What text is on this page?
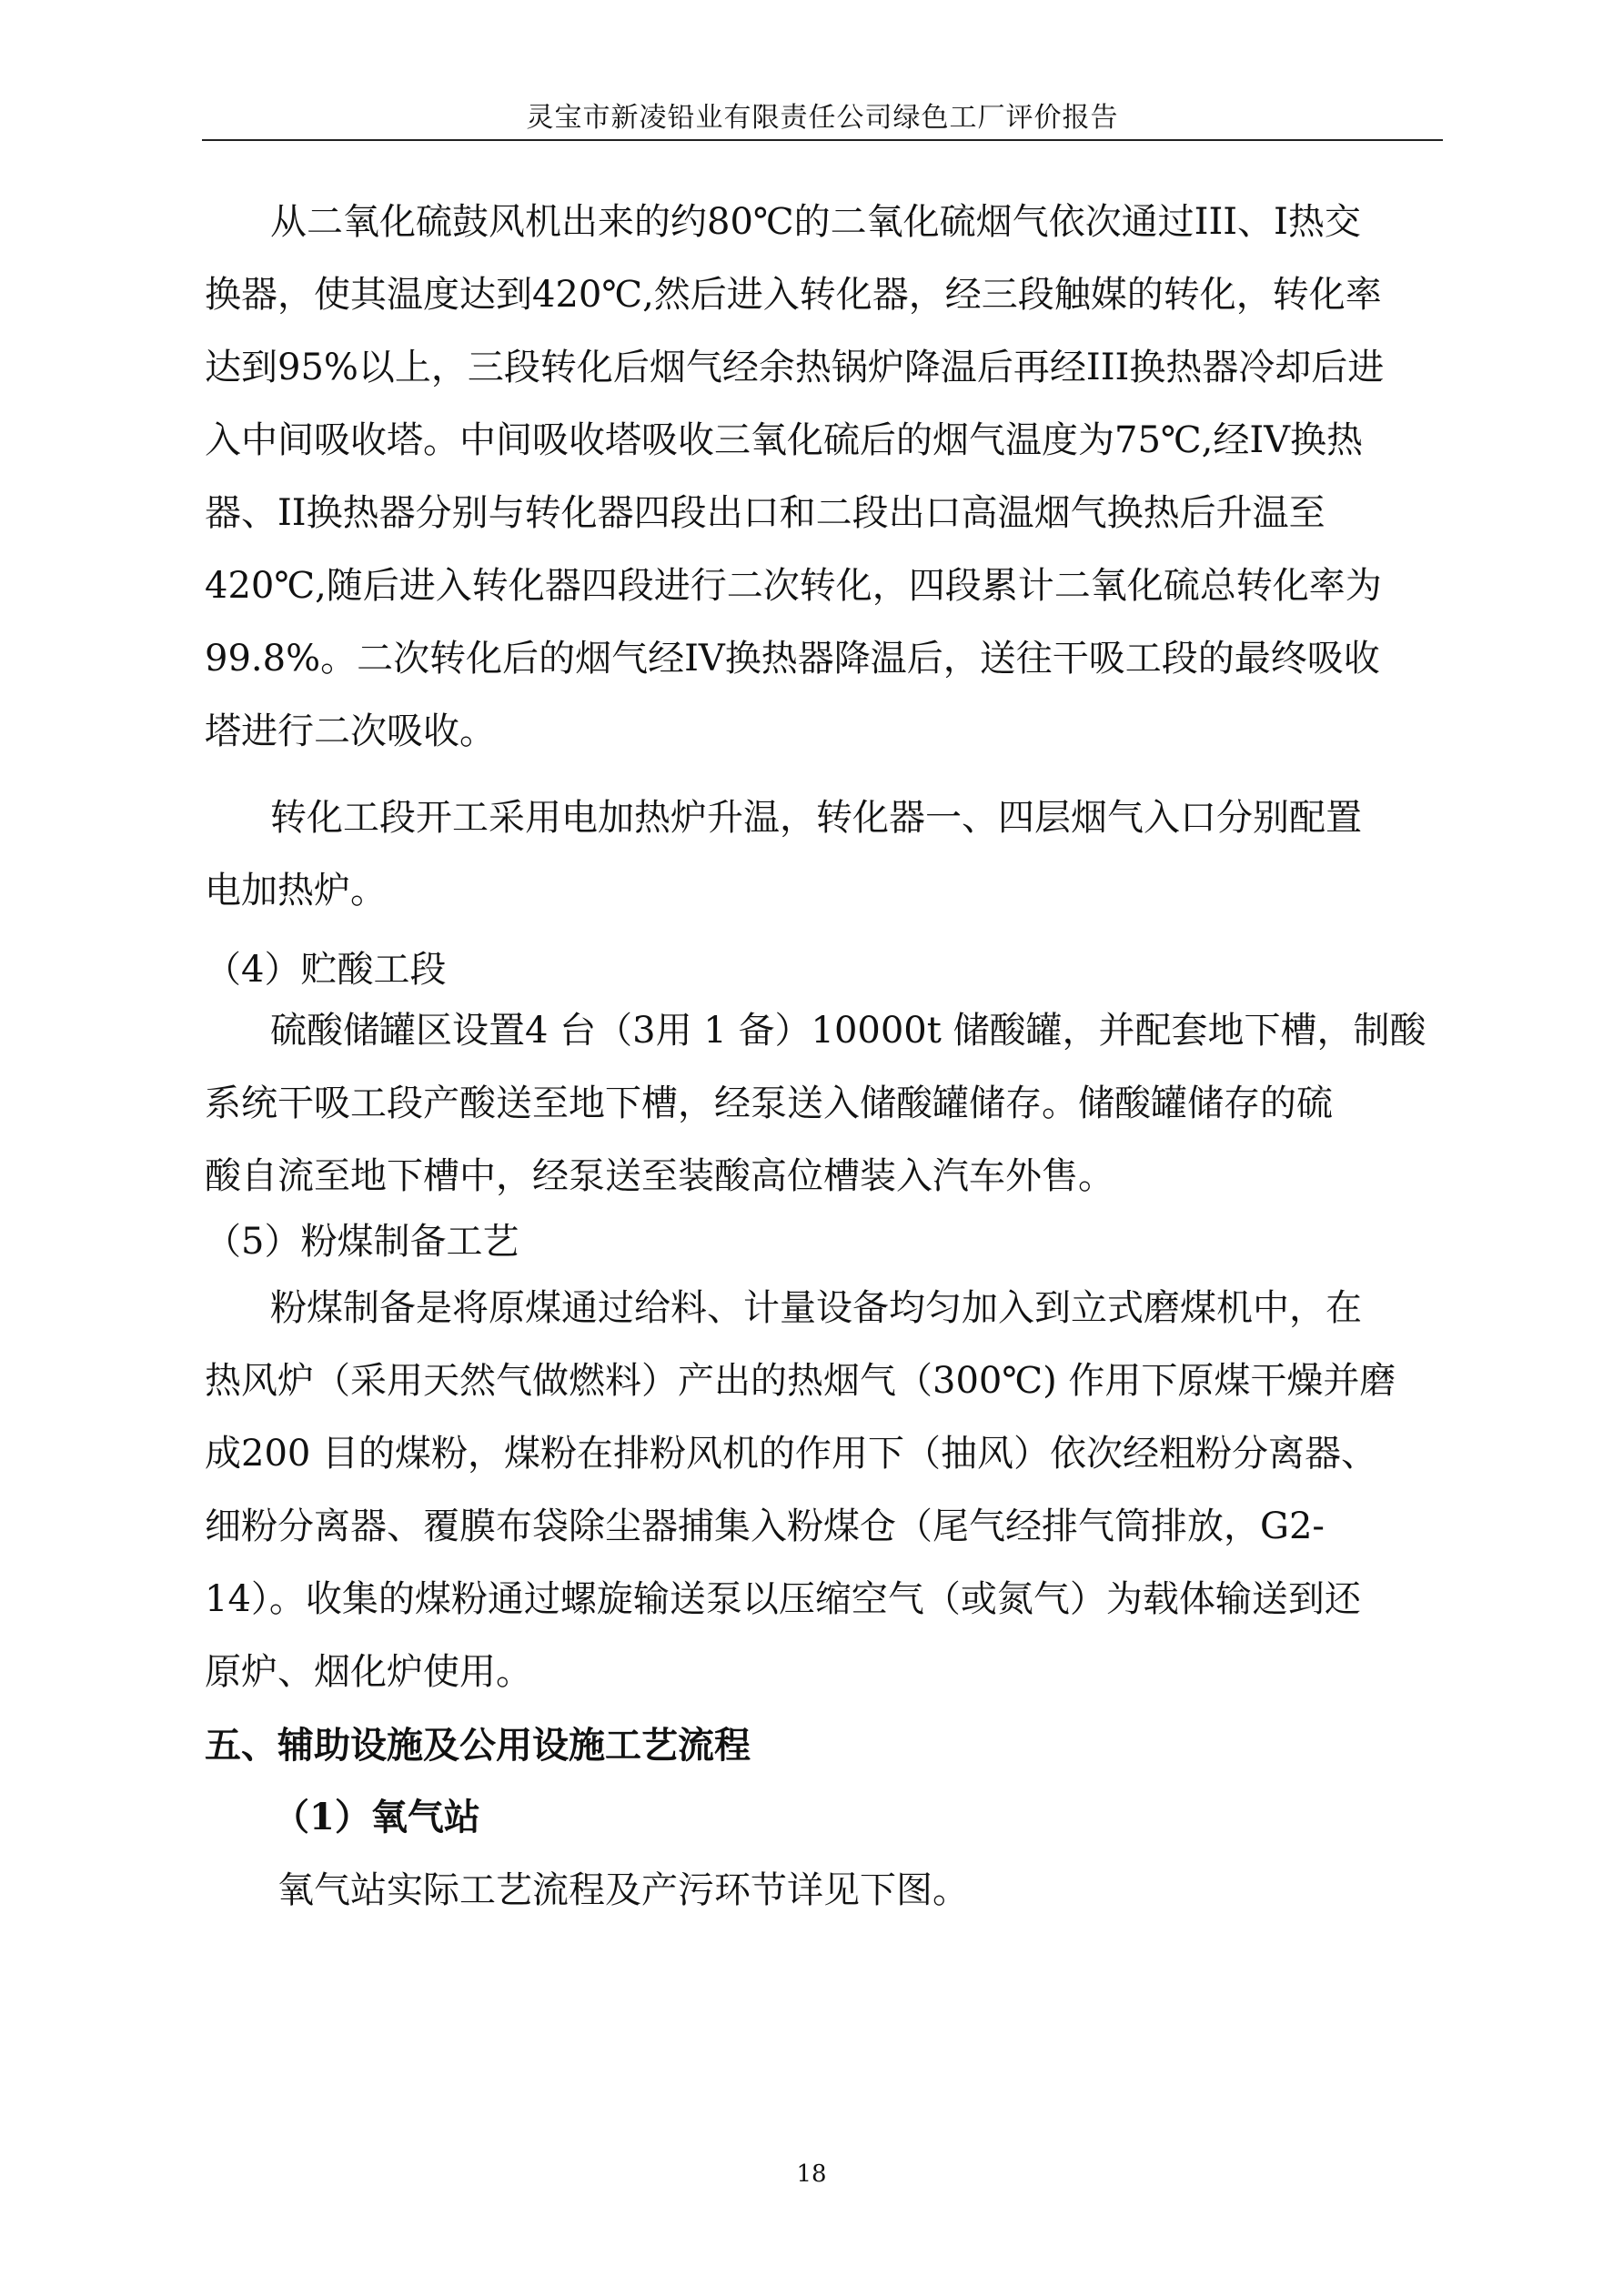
灵宝市新凌铅业有限责任公司绿色工厂评价报告
从二氧化硫鼓风机出来的约80℃的二氧化硫烟气依次通过III、I热交
换器，使其温度达到420℃,然后进入转化器，经三段触媒的转化，转化率
达到95%以上，三段转化后烟气经余热锅炉降温后再经III换热器冷却后进
入中间吸收塔。中间吸收塔吸收三氧化硫后的烟气温度为75℃,经IV换热
器、II换热器分别与转化器四段出口和二段出口高温烟气换热后升温至
420℃,随后进入转化器四段进行二次转化，四段累计二氧化硫总转化率为
99.8%。二次转化后的烟气经IV换热器降温后，送往干吸工段的最终吸收
塔进行二次吸收。
转化工段开工采用电加热炉升温，转化器一、四层烟气入口分别配置
电加热炉。
（4）贮酸工段
硫酸储罐区设置4 台（3用 1 备）10000t 储酸罐，并配套地下槽，制酸
系统干吸工段产酸送至地下槽，经泵送入储酸罐储存。储酸罐储存的硫
酸自流至地下槽中，经泵送至装酸高位槽装入汽车外售。
（5）粉煤制备工艺
粉煤制备是将原煤通过给料、计量设备均匀加入到立式磨煤机中，在
热风炉（采用天然气做燃料）产出的热烟气（300℃) 作用下原煤干燥并磨
成200 目的煤粉，煤粉在排粉风机的作用下（抽风）依次经粗粉分离器、
细粉分离器、覆膜布袋除尘器捕集入粉煤仓（尾气经排气筒排放，G2-
14）。收集的煤粉通过螺旋输送泵以压缩空气（或氮气）为载体输送到还
原炉、烟化炉使用。
五、辅助设施及公用设施工艺流程
（1）氧气站
氧气站实际工艺流程及产污环节详见下图。
18
